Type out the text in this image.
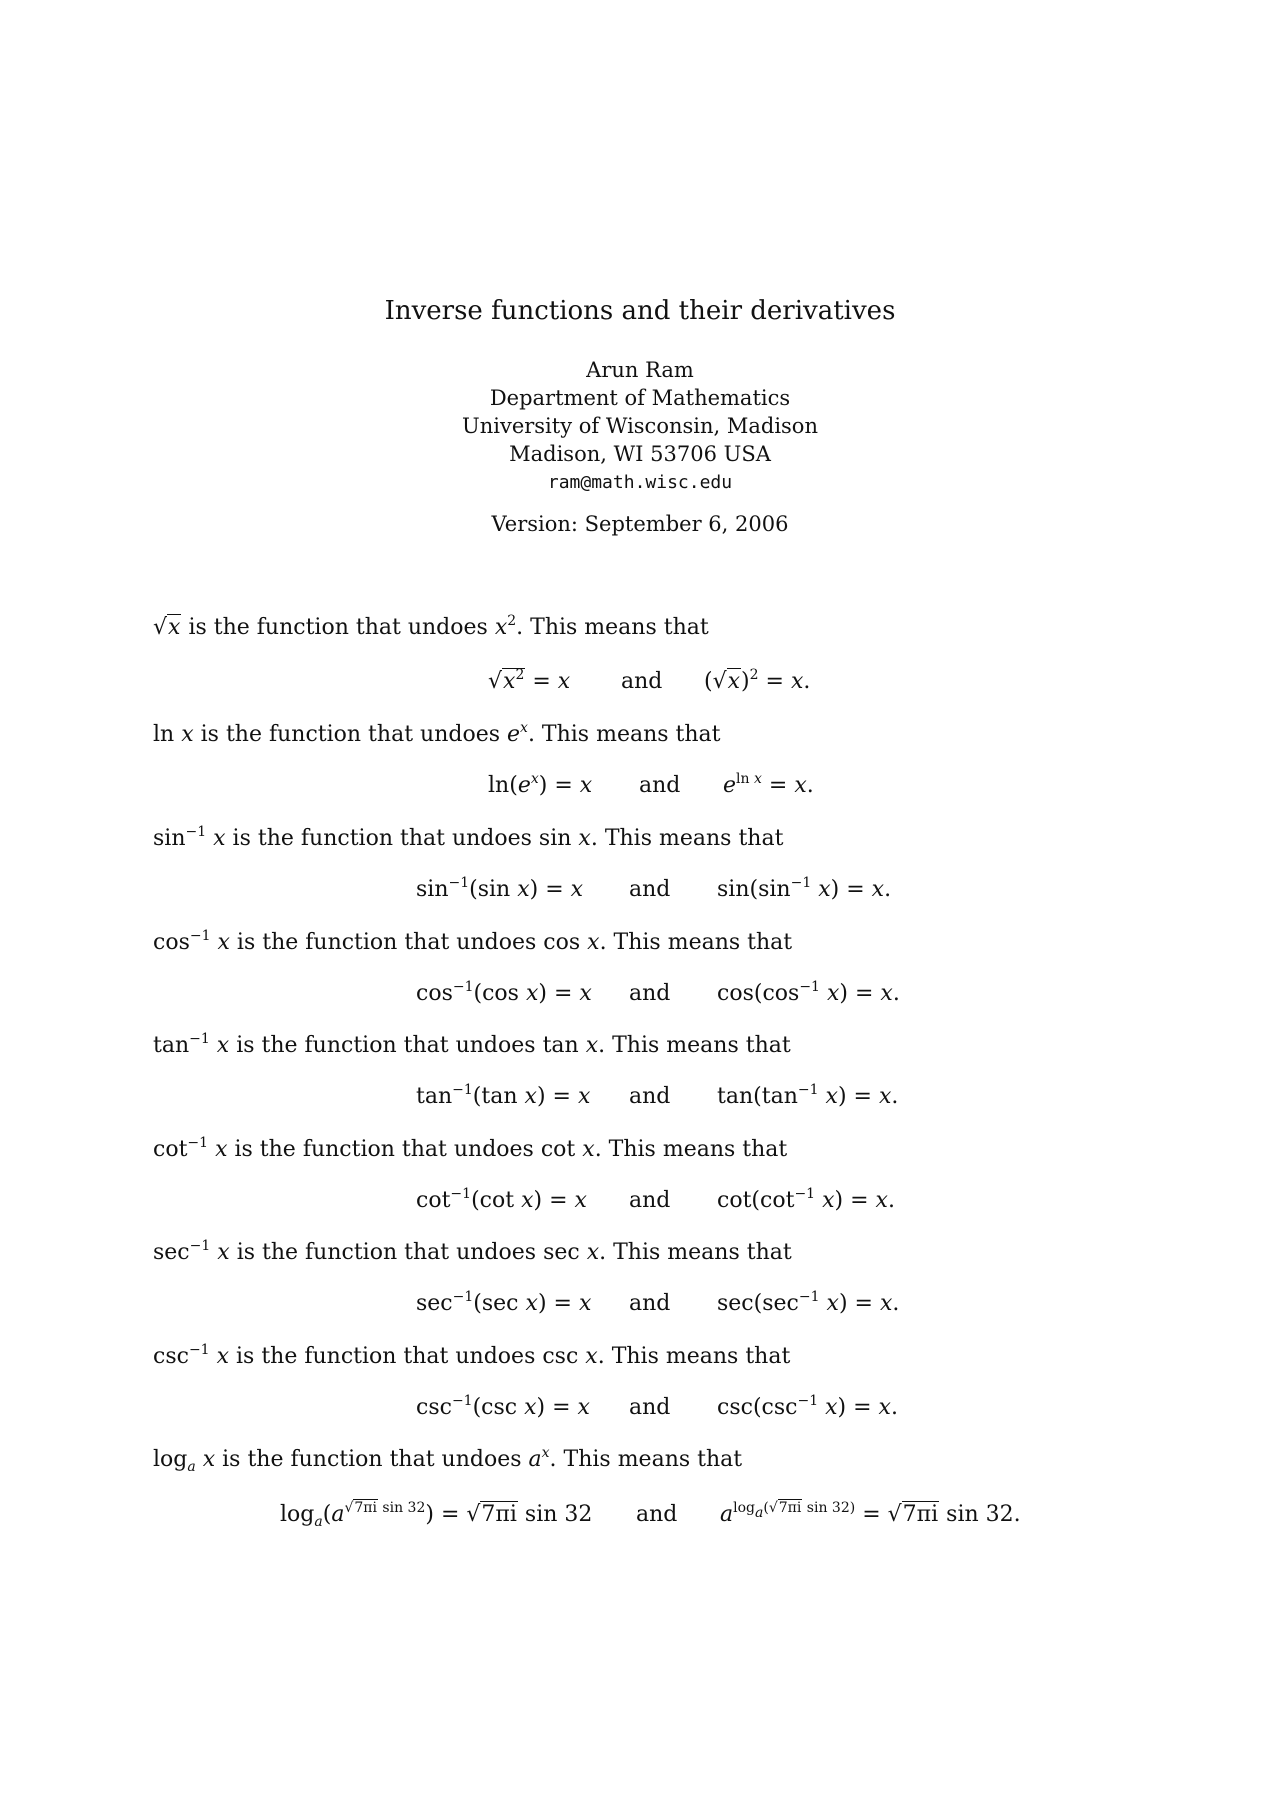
Inverse functions and their derivatives
Arun Ram
Department of Mathematics
University of Wisconsin, Madison
Madison, WI 53706 USA
ram@math.wisc.edu
Version: September 6, 2006
√x is the function that undoes $x^2$. This means that
$√x^2 = x$ and $(√x)^2 = x$.
ln x is the function that undoes $e^x$. This means that
$\ln(e^x) = x$ and $e^{ln x} = x$.
$\sin^{-1} x$ is the function that undoes sin x. This means that
$\sin^{-1}(\sin$ x) = x and $\sin(\sin^{-1}$ x) = x.
$\cos^{-1} x$ is the function that undoes cos x. This means that
$\cos^{-1}(\cos$ x) = x and $\cos(\cos^{-1}$ x) = x.
$\tan^{-1} x$ is the function that undoes tan x. This means that
$\tan^{-1}(\tan$ x) = x and $\tan(\tan^{-1}$ x) = x.
$\cot^{-1} x$ is the function that undoes cot x. This means that
$\cot^{-1}(\cot$ x) = x and $\cot(\cot^{-1}$ x) = x.
$\sec^{-1} x$ is the function that undoes sec x. This means that
$\sec^{-1}(\sec$ x) = x and $\sec(\sec^{-1}$ x) = x.
$\csc^{-1} x$ is the function that undoes csc x. This means that
$\csc^{-1}(\csc$ x) = x and $\csc(\csc^{-1}$ x) = x.
$\log_a x$ is the function that undoes $a^x$. This means that
$\log_a(a^{√7\pi i sin 32}) = √7\pi i$ sin 32 and $a^{log_a(√7\pi i sin 32)} = √7\pi i$ sin 32.
